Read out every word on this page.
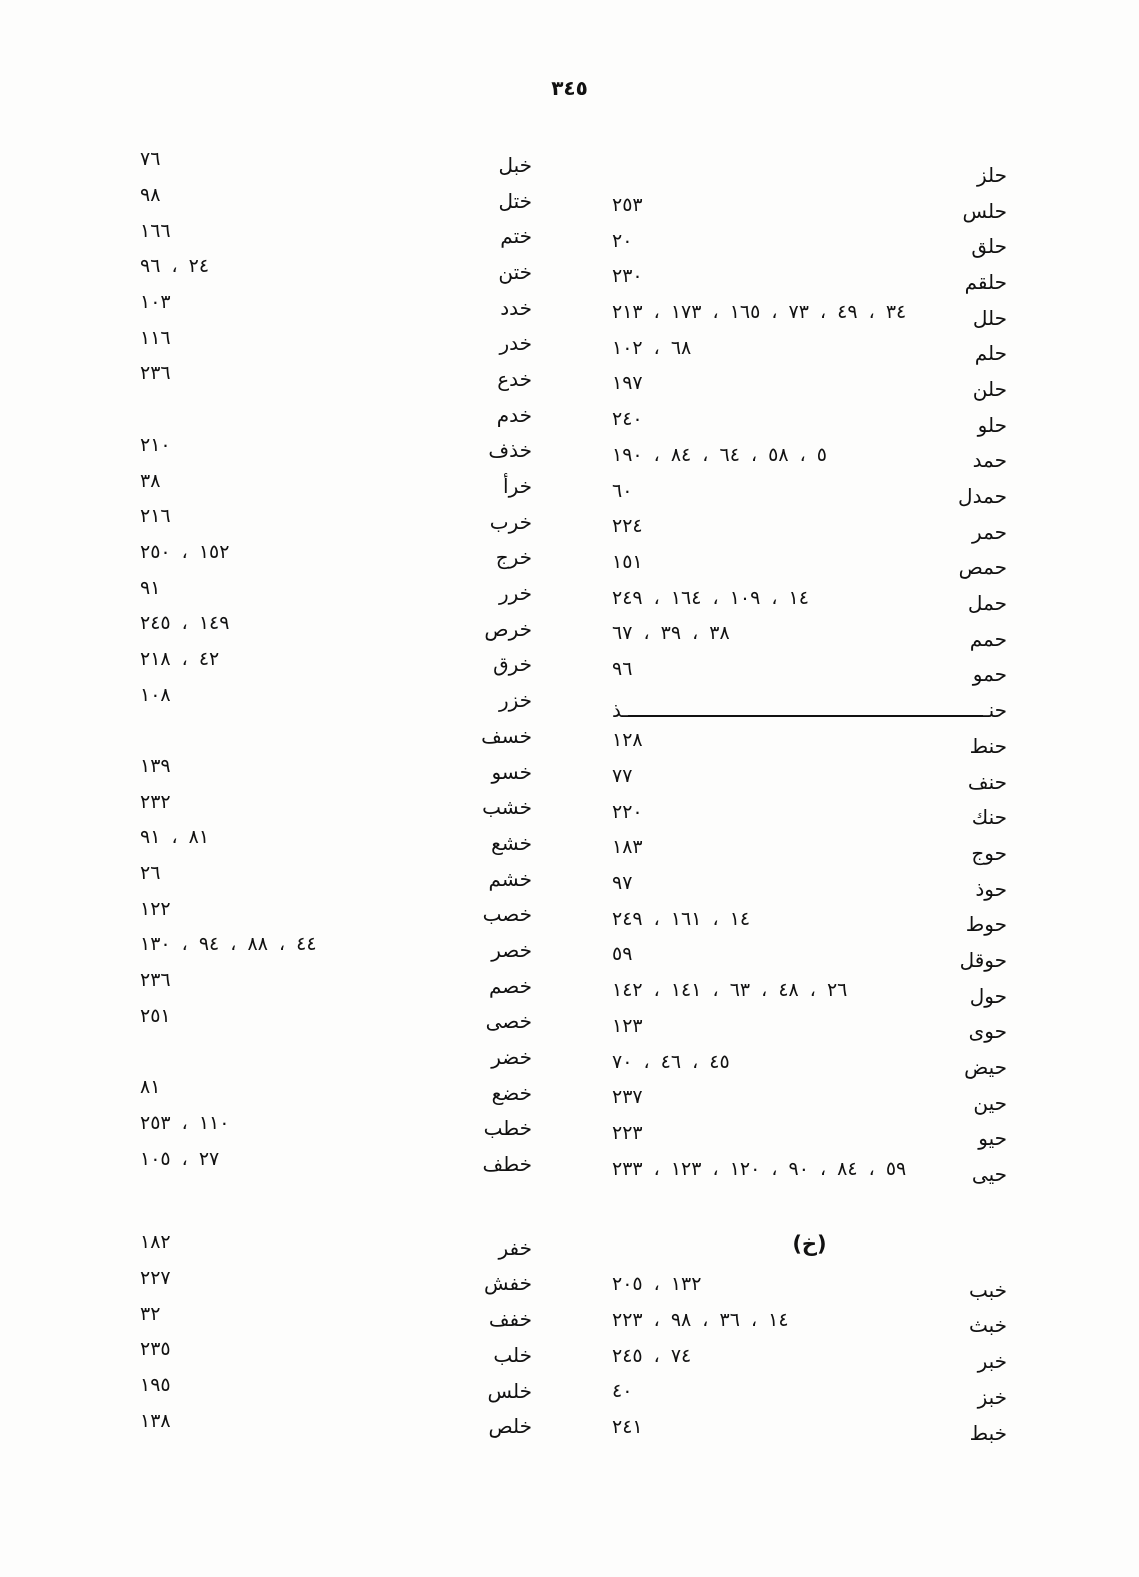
٣٤٥
حلز
حلس
٢٥٣
حلق
٢٠
حلقم
٢٣٠
حلل
٣٤ ، ٤٩ ، ٧٣ ، ١٦٥ ، ١٧٣ ، ٢١٣
حلم
٦٨ ، ١٠٢
حلن
١٩٧
حلو
٢٤٠
حمد
٥ ، ٥٨ ، ٦٤ ، ٨٤ ، ١٩٠
حمدل
٦٠
حمر
٢٢٤
حمص
١٥١
حمل
١٤ ، ١٠٩ ، ١٦٤ ، ٢٤٩
حمم
٣٨ ، ٣٩ ، ٦٧
حمو
٩٦
حنـ
ـذ
حنط
١٢٨
حنف
٧٧
حنك
٢٢٠
حوج
١٨٣
حوذ
٩٧
حوط
١٤ ، ١٦١ ، ٢٤٩
حوقل
٥٩
حول
٢٦ ، ٤٨ ، ٦٣ ، ١٤١ ، ١٤٢
حوى
١٢٣
حيض
٤٥ ، ٤٦ ، ٧٠
حين
٢٣٧
حيو
٢٢٣
حيى
٥٩ ، ٨٤ ، ٩٠ ، ١٢٠ ، ١٢٣ ، ٢٣٣
(خ)
خبب
١٣٢ ، ٢٠٥
خبث
١٤ ، ٣٦ ، ٩٨ ، ٢٢٣
خبر
٧٤ ، ٢٤٥
خبز
٤٠
خبط
٢٤١
خبل
٧٦
ختل
٩٨
ختم
١٦٦
ختن
٢٤ ، ٩٦
خدد
١٠٣
خدر
١١٦
خدع
٢٣٦
خدم
خذف
٢١٠
خرأ
٣٨
خرب
٢١٦
خرج
١٥٢ ، ٢٥٠
خرر
٩١
خرص
١٤٩ ، ٢٤٥
خرق
٤٢ ، ٢١٨
خزر
١٠٨
خسف
خسو
١٣٩
خشب
٢٣٢
خشع
٨١ ، ٩١
خشم
٢٦
خصب
١٢٢
خصر
٤٤ ، ٨٨ ، ٩٤ ، ١٣٠
خصم
٢٣٦
خصى
٢٥١
خضر
خضع
٨١
خطب
١١٠ ، ٢٥٣
خطف
٢٧ ، ١٠٥
خفر
١٨٢
خفش
٢٢٧
خفف
٣٢
خلب
٢٣٥
خلس
١٩٥
خلص
١٣٨
